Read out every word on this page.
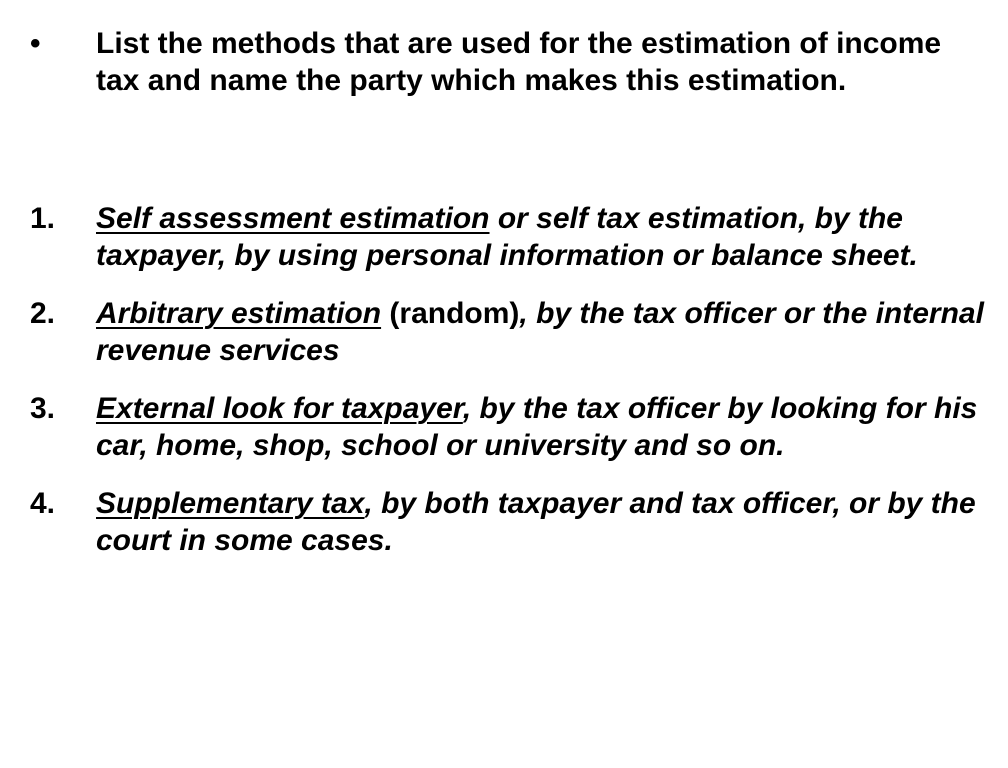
•	List the methods that are used for the estimation of income tax and name the party which makes this estimation.
1.	Self assessment estimation or self tax estimation, by the taxpayer, by using personal information or balance sheet.
2.	Arbitrary estimation (random), by the tax officer or the internal revenue services
3.	External look for taxpayer, by the tax officer by looking for his car, home, shop, school or university and so on.
4.	Supplementary tax, by both taxpayer and tax officer, or by the court in some cases.
